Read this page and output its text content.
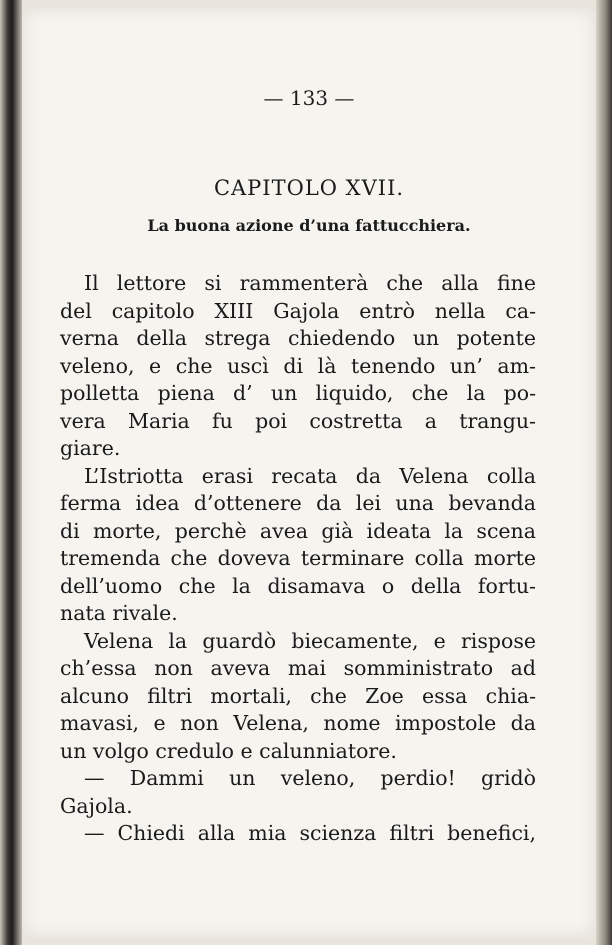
— 133 —
CAPITOLO XVII.
La buona azione d’una fattucchiera.
Il lettore si rammenterà che alla fine
del capitolo XIII Gajola entrò nella ca-
verna della strega chiedendo un potente
veleno, e che uscì di là tenendo un’ am-
polletta piena d’ un liquido, che la po-
vera Maria fu poi costretta a trangu-
giare.
L’Istriotta erasi recata da Velena colla
ferma idea d’ottenere da lei una bevanda
di morte, perchè avea già ideata la scena
tremenda che doveva terminare colla morte
dell’uomo che la disamava o della fortu-
nata rivale.
Velena la guardò biecamente, e rispose
ch’essa non aveva mai somministrato ad
alcuno filtri mortali, che Zoe essa chia-
mavasi, e non Velena, nome impostole da
un volgo credulo e calunniatore.
— Dammi un veleno, perdio! gridò
Gajola.
— Chiedi alla mia scienza filtri benefici,
